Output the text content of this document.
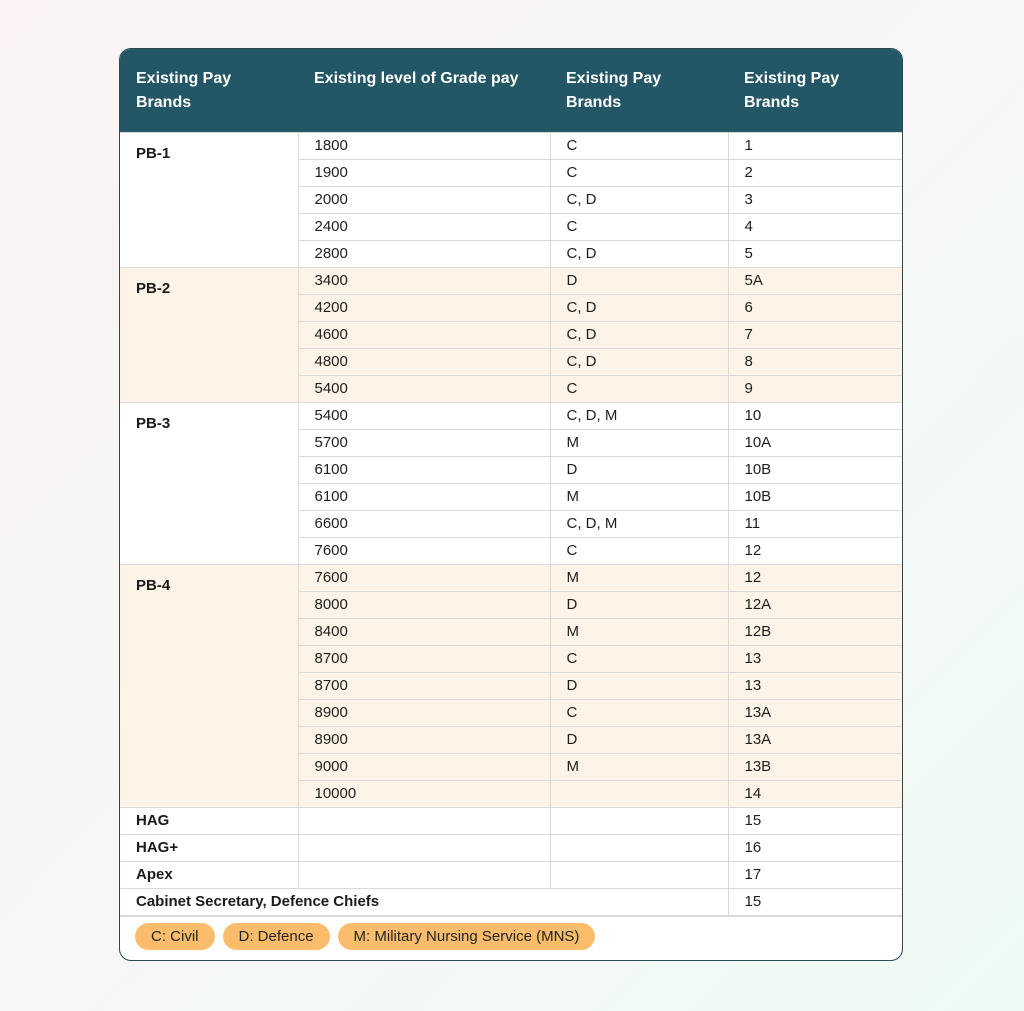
Existing Pay Brands	Existing level of Grade pay	Existing Pay Brands	Existing Pay Brands
PB-1	1800	C	1
	1900	C	2
	2000	C, D	3
	2400	C	4
	2800	C, D	5
PB-2	3400	D	5A
	4200	C, D	6
	4600	C, D	7
	4800	C, D	8
	5400	C	9
PB-3	5400	C, D, M	10
	5700	M	10A
	6100	D	10B
	6100	M	10B
	6600	C, D, M	11
	7600	C	12
PB-4	7600	M	12
	8000	D	12A
	8400	M	12B
	8700	C	13
	8700	D	13
	8900	C	13A
	8900	D	13A
	9000	M	13B
	10000		14
HAG			15
HAG+			16
Apex			17
Cabinet Secretary, Defence Chiefs			15
C: Civil	D: Defence	M: Military Nursing Service (MNS)
